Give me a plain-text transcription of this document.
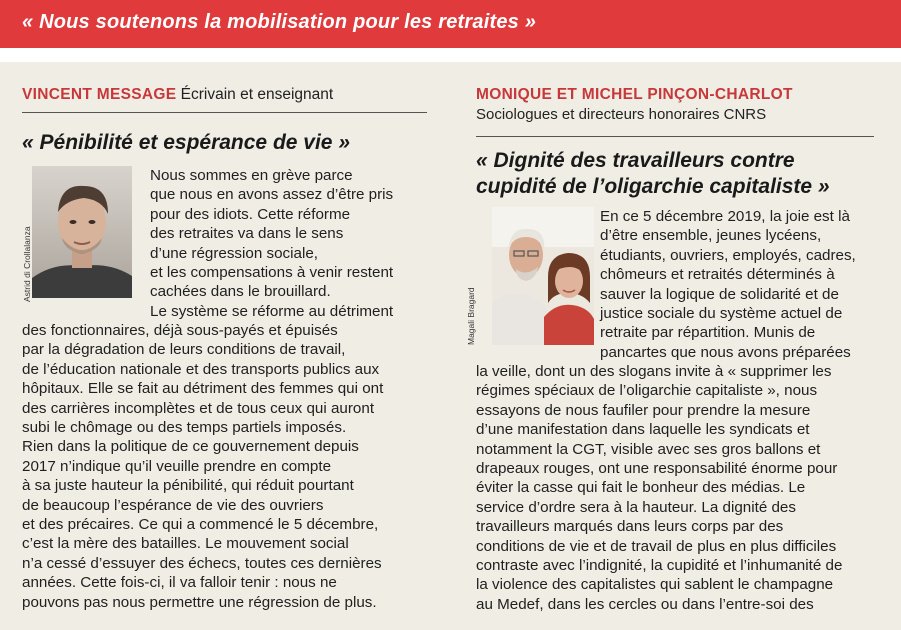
« Nous soutenons la mobilisation pour les retraites »
VINCENT MESSAGE Écrivain et enseignant
« Pénibilité et espérance de vie »
Astrid di Crollalanza
Nous sommes en grève parce
que nous en avons assez d’être pris
pour des idiots. Cette réforme
des retraites va dans le sens
d’une régression sociale,
et les compensations à venir restent
cachées dans le brouillard.
Le système se réforme au détriment
des fonctionnaires, déjà sous-payés et épuisés
par la dégradation de leurs conditions de travail,
de l’éducation nationale et des transports publics aux
hôpitaux. Elle se fait au détriment des femmes qui ont
des carrières incomplètes et de tous ceux qui auront
subi le chômage ou des temps partiels imposés.
Rien dans la politique de ce gouvernement depuis
2017 n’indique qu’il veuille prendre en compte
à sa juste hauteur la pénibilité, qui réduit pourtant
de beaucoup l’espérance de vie des ouvriers
et des précaires. Ce qui a commencé le 5 décembre,
c’est la mère des batailles. Le mouvement social
n’a cessé d’essuyer des échecs, toutes ces dernières
années. Cette fois-ci, il va falloir tenir : nous ne
pouvons pas nous permettre une régression de plus.
MONIQUE ET MICHEL PINÇON-CHARLOT
Sociologues et directeurs honoraires CNRS
« Dignité des travailleurs contre
cupidité de l’oligarchie capitaliste »
Magali Bragard
En ce 5 décembre 2019, la joie est là
d’être ensemble, jeunes lycéens,
étudiants, ouvriers, employés, cadres,
chômeurs et retraités déterminés à
sauver la logique de solidarité et de
justice sociale du système actuel de
retraite par répartition. Munis de
pancartes que nous avons préparées
la veille, dont un des slogans invite à « supprimer les
régimes spéciaux de l’oligarchie capitaliste », nous
essayons de nous faufiler pour prendre la mesure
d’une manifestation dans laquelle les syndicats et
notamment la CGT, visible avec ses gros ballons et
drapeaux rouges, ont une responsabilité énorme pour
éviter la casse qui fait le bonheur des médias. Le
service d’ordre sera à la hauteur. La dignité des
travailleurs marqués dans leurs corps par des
conditions de vie et de travail de plus en plus difficiles
contraste avec l’indignité, la cupidité et l’inhumanité de
la violence des capitalistes qui sablent le champagne
au Medef, dans les cercles ou dans l’entre-soi des
